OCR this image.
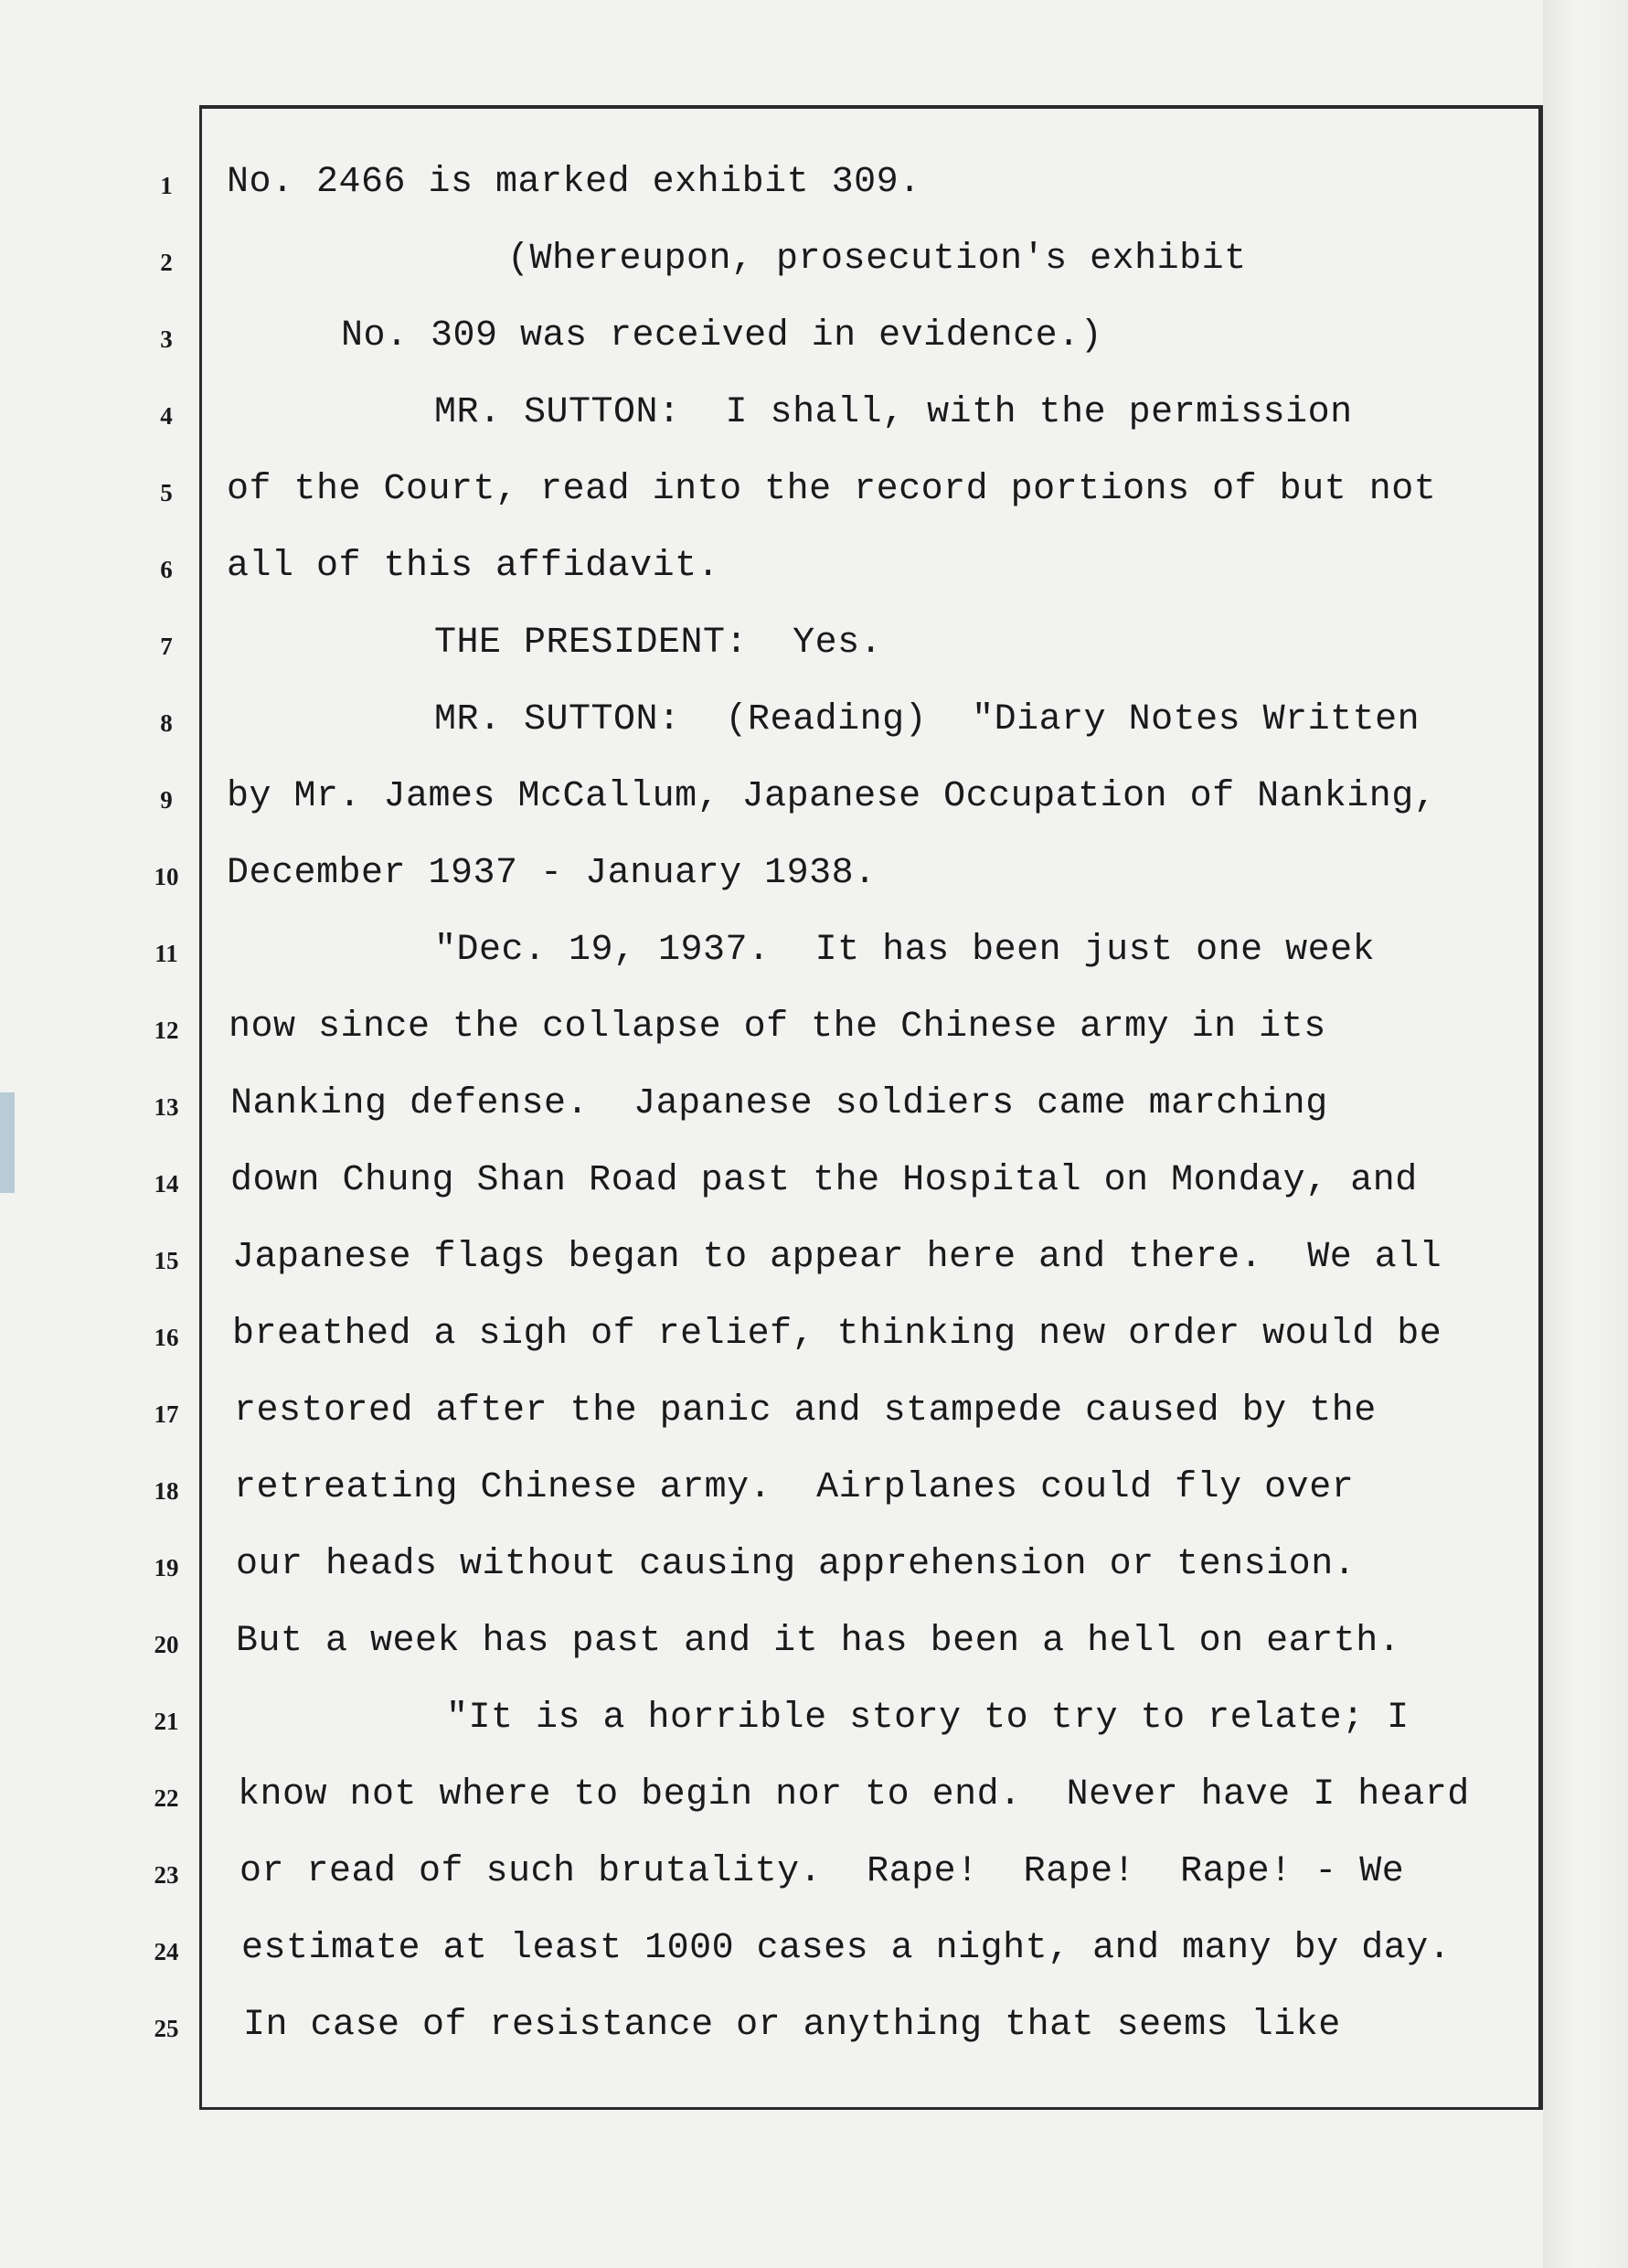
1
2
3
4
5
6
7
8
9
10
11
12
13
14
15
16
17
18
19
20
21
22
23
24
25
No. 2466 is marked exhibit 309.
(Whereupon, prosecution's exhibit
No. 309 was received in evidence.)
MR. SUTTON:  I shall, with the permission
of the Court, read into the record portions of but not
all of this affidavit.
THE PRESIDENT:  Yes.
MR. SUTTON:  (Reading)  "Diary Notes Written
by Mr. James McCallum, Japanese Occupation of Nanking,
December 1937 - January 1938.
"Dec. 19, 1937.  It has been just one week
now since the collapse of the Chinese army in its
Nanking defense.  Japanese soldiers came marching
down Chung Shan Road past the Hospital on Monday, and
Japanese flags began to appear here and there.  We all
breathed a sigh of relief, thinking new order would be
restored after the panic and stampede caused by the
retreating Chinese army.  Airplanes could fly over
our heads without causing apprehension or tension.
But a week has past and it has been a hell on earth.
"It is a horrible story to try to relate; I
know not where to begin nor to end.  Never have I heard
or read of such brutality.  Rape!  Rape!  Rape! - We
estimate at least 1000 cases a night, and many by day.
In case of resistance or anything that seems like
